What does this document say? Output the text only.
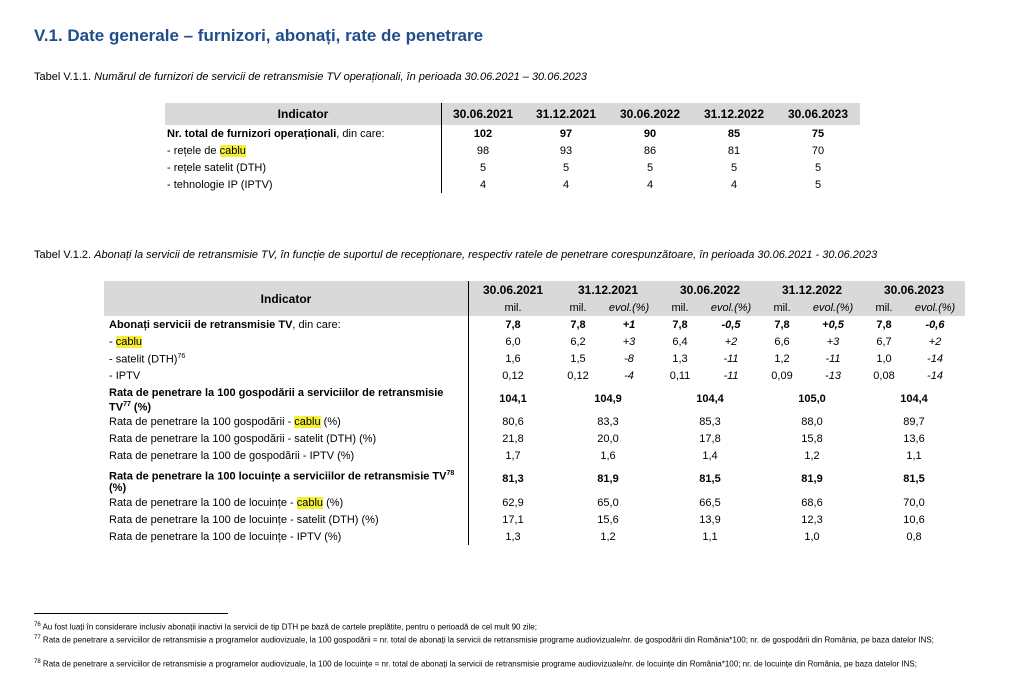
V.1. Date generale – furnizori, abonați, rate de penetrare
Tabel V.1.1. Numărul de furnizori de servicii de retransmisie TV operaționali, în perioada 30.06.2021 – 30.06.2023
Indicator	30.06.2021	31.12.2021	30.06.2022	31.12.2022	30.06.2023
Nr. total de furnizori operaționali, din care:	102	97	90	85	75
- rețele de cablu	98	93	86	81	70
- rețele satelit (DTH)	5	5	5	5	5
- tehnologie IP (IPTV)	4	4	4	4	5
Tabel V.1.2. Abonați la servicii de retransmisie TV, în funcție de suportul de recepționare, respectiv ratele de penetrare corespunzătoare, în perioada 30.06.2021 - 30.06.2023
Indicator	30.06.2021	31.12.2021		30.06.2022		31.12.2022		30.06.2023	
	mil.	mil.	evol.(%)	mil.	evol.(%)	mil.	evol.(%)	mil.	evol.(%)
Abonați servicii de retransmisie TV, din care:	7,8	7,8	+1	7,8	-0,5	7,8	+0,5	7,8	-0,6
- cablu	6,0	6,2	+3	6,4	+2	6,6	+3	6,7	+2
- satelit (DTH)$^{76}$	1,6	1,5	-8	1,3	-11	1,2	-11	1,0	-14
- IPTV	0,12	0,12	-4	0,11	-11	0,09	-13	0,08	-14
Rata de penetrare la 100 gospodării a serviciilor de retransmisie TV$^{77}$ (%)	104,1	104,9		104,4		105,0		104,4	
Rata de penetrare la 100 gospodării - cablu (%)	80,6	83,3		85,3		88,0		89,7	
Rata de penetrare la 100 gospodării - satelit (DTH) (%)	21,8	20,0		17,8		15,8		13,6	
Rata de penetrare la 100 de gospodării - IPTV (%)	1,7	1,6		1,4		1,2		1,1	
Rata de penetrare la 100 locuințe a serviciilor de retransmisie TV$^{78}$ (%)	81,3	81,9		81,5		81,9		81,5	
Rata de penetrare la 100 de locuințe - cablu (%)	62,9	65,0		66,5		68,6		70,0	
Rata de penetrare la 100 de locuințe - satelit (DTH) (%)	17,1	15,6		13,9		12,3		10,6	
Rata de penetrare la 100 de locuințe - IPTV (%)	1,3	1,2		1,1		1,0		0,8	
$^{76}$ Au fost luați în considerare inclusiv abonații inactivi la servicii de tip DTH pe bază de cartele preplătite, pentru o perioadă de cel mult 90 zile;
$^{77}$ Rata de penetrare a serviciilor de retransmisie a programelor audiovizuale, la 100 gospodării = nr. total de abonați la servicii de retransmisie programe audiovizuale/nr. de gospodării din România*100; nr. de gospodării din România, pe baza datelor INS;
$^{78}$ Rata de penetrare a serviciilor de retransmisie a programelor audiovizuale, la 100 de locuințe = nr. total de abonați la servicii de retransmisie programe audiovizuale/nr. de locuințe din România*100; nr. de locuințe din România, pe baza datelor INS;
